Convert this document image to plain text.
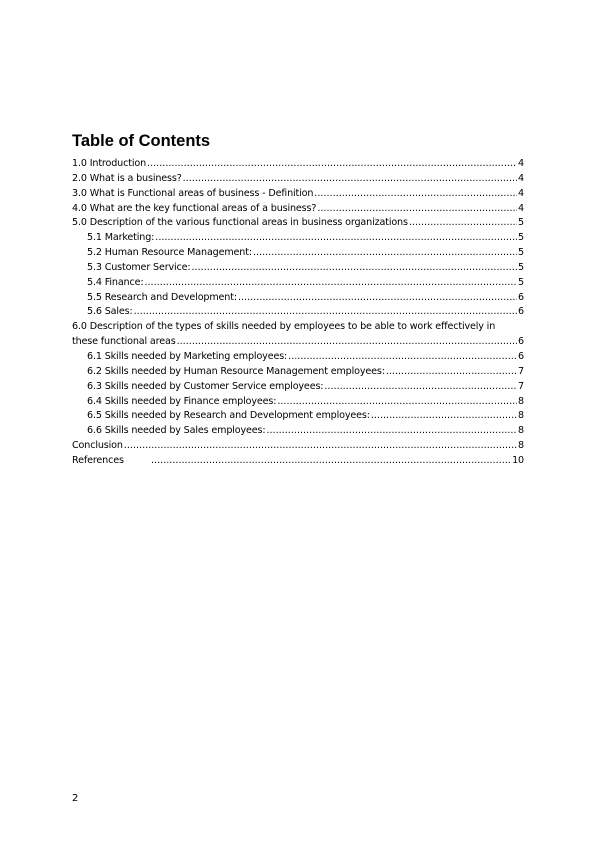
Table of Contents
1.0 Introduction .....	4
2.0 What is a business? .....	4
3.0 What is Functional areas of business - Definition .....	4
4.0 What are the key functional areas of a business? .....	4
5.0 Description of the various functional areas in business organizations .....	5
5.1 Marketing: .....	5
5.2 Human Resource Management: .....	5
5.3 Customer Service: .....	5
5.4 Finance: .....	5
5.5 Research and Development: .....	6
5.6 Sales: .....	6
6.0 Description of the types of skills needed by employees to be able to work effectively in
these functional areas .....	6
6.1 Skills needed by Marketing employees: .....	6
6.2 Skills needed by Human Resource Management employees: .....	7
6.3 Skills needed by Customer Service employees: .....	7
6.4 Skills needed by Finance employees: .....	8
6.5 Skills needed by Research and Development employees: .....	8
6.6 Skills needed by Sales employees: .....	8
Conclusion .....	8
References .....	10
2
